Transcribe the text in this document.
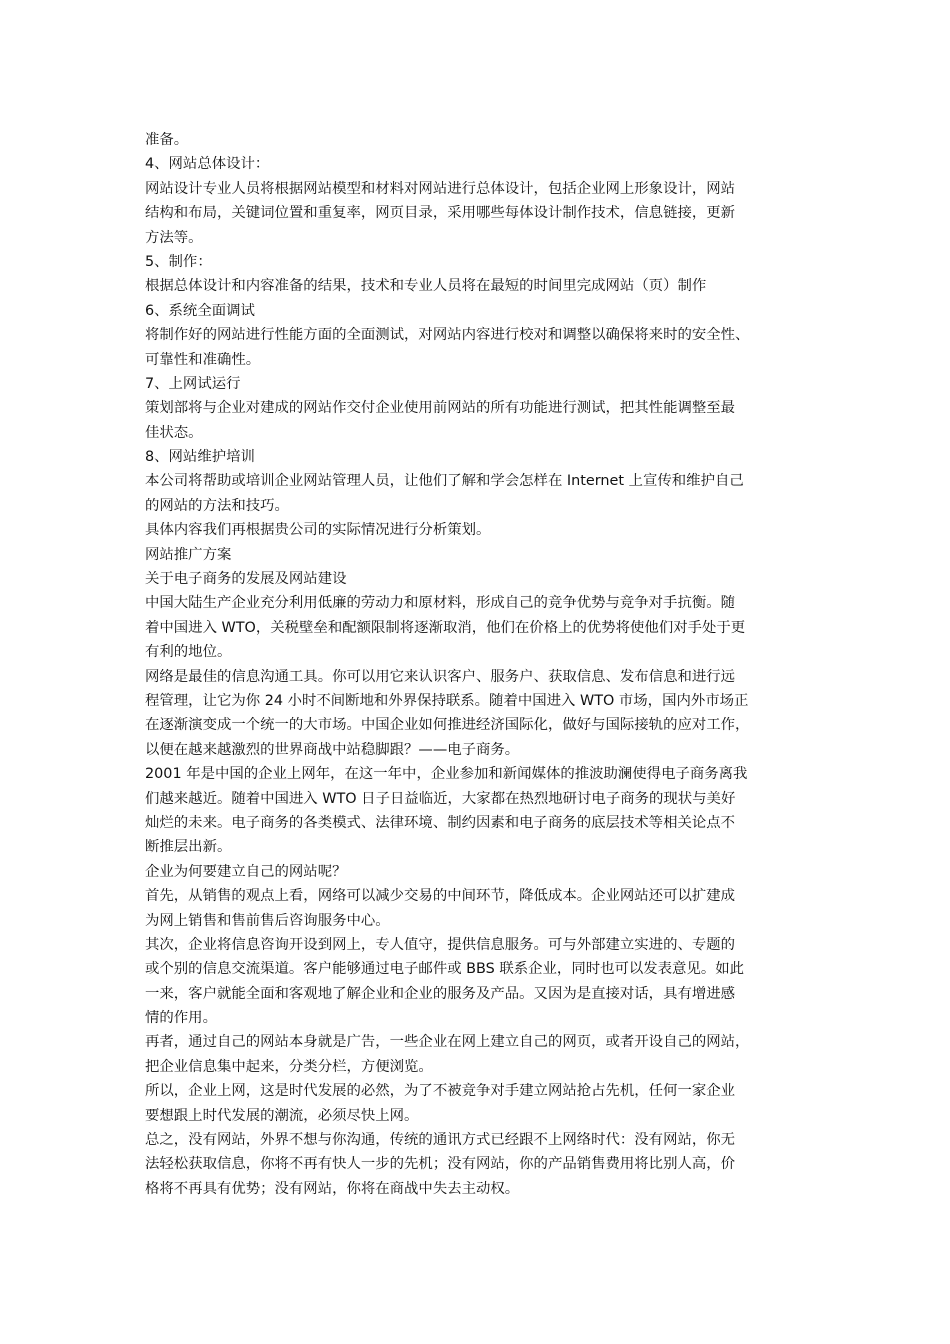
准备。
4、网站总体设计：
网站设计专业人员将根据网站模型和材料对网站进行总体设计，包括企业网上形象设计，网站
结构和布局，关键词位置和重复率，网页目录，采用哪些每体设计制作技术，信息链接，更新
方法等。
5、制作：
根据总体设计和内容准备的结果，技术和专业人员将在最短的时间里完成网站（页）制作
6、系统全面调试
将制作好的网站进行性能方面的全面测试，对网站内容进行校对和调整以确保将来时的安全性、
可靠性和准确性。
7、上网试运行
策划部将与企业对建成的网站作交付企业使用前网站的所有功能进行测试，把其性能调整至最
佳状态。
8、网站维护培训
本公司将帮助或培训企业网站管理人员，让他们了解和学会怎样在 Internet 上宣传和维护自己
的网站的方法和技巧。
具体内容我们再根据贵公司的实际情况进行分析策划。
网站推广方案
关于电子商务的发展及网站建设
中国大陆生产企业充分利用低廉的劳动力和原材料，形成自己的竞争优势与竞争对手抗衡。随
着中国进入 WTO，关税壁垒和配额限制将逐渐取消，他们在价格上的优势将使他们对手处于更
有利的地位。
网络是最佳的信息沟通工具。你可以用它来认识客户、服务户、获取信息、发布信息和进行远
程管理，让它为你 24 小时不间断地和外界保持联系。随着中国进入 WTO 市场，国内外市场正
在逐渐演变成一个统一的大市场。中国企业如何推进经济国际化，做好与国际接轨的应对工作，
以便在越来越激烈的世界商战中站稳脚跟？——电子商务。
2001 年是中国的企业上网年，在这一年中，企业参加和新闻媒体的推波助澜使得电子商务离我
们越来越近。随着中国进入 WTO 日子日益临近，大家都在热烈地研讨电子商务的现状与美好
灿烂的未来。电子商务的各类模式、法律环境、制约因素和电子商务的底层技术等相关论点不
断推层出新。
企业为何要建立自己的网站呢？
首先，从销售的观点上看，网络可以减少交易的中间环节，降低成本。企业网站还可以扩建成
为网上销售和售前售后咨询服务中心。
其次，企业将信息咨询开设到网上，专人值守，提供信息服务。可与外部建立实进的、专题的
或个别的信息交流渠道。客户能够通过电子邮件或 BBS 联系企业，同时也可以发表意见。如此
一来，客户就能全面和客观地了解企业和企业的服务及产品。又因为是直接对话，具有增进感
情的作用。
再者，通过自己的网站本身就是广告，一些企业在网上建立自己的网页，或者开设自己的网站，
把企业信息集中起来，分类分栏，方便浏览。
所以，企业上网，这是时代发展的必然，为了不被竞争对手建立网站抢占先机，任何一家企业
要想跟上时代发展的潮流，必须尽快上网。
总之，没有网站，外界不想与你沟通，传统的通讯方式已经跟不上网络时代：没有网站，你无
法轻松获取信息，你将不再有快人一步的先机；没有网站，你的产品销售费用将比别人高，价
格将不再具有优势；没有网站，你将在商战中失去主动权。
